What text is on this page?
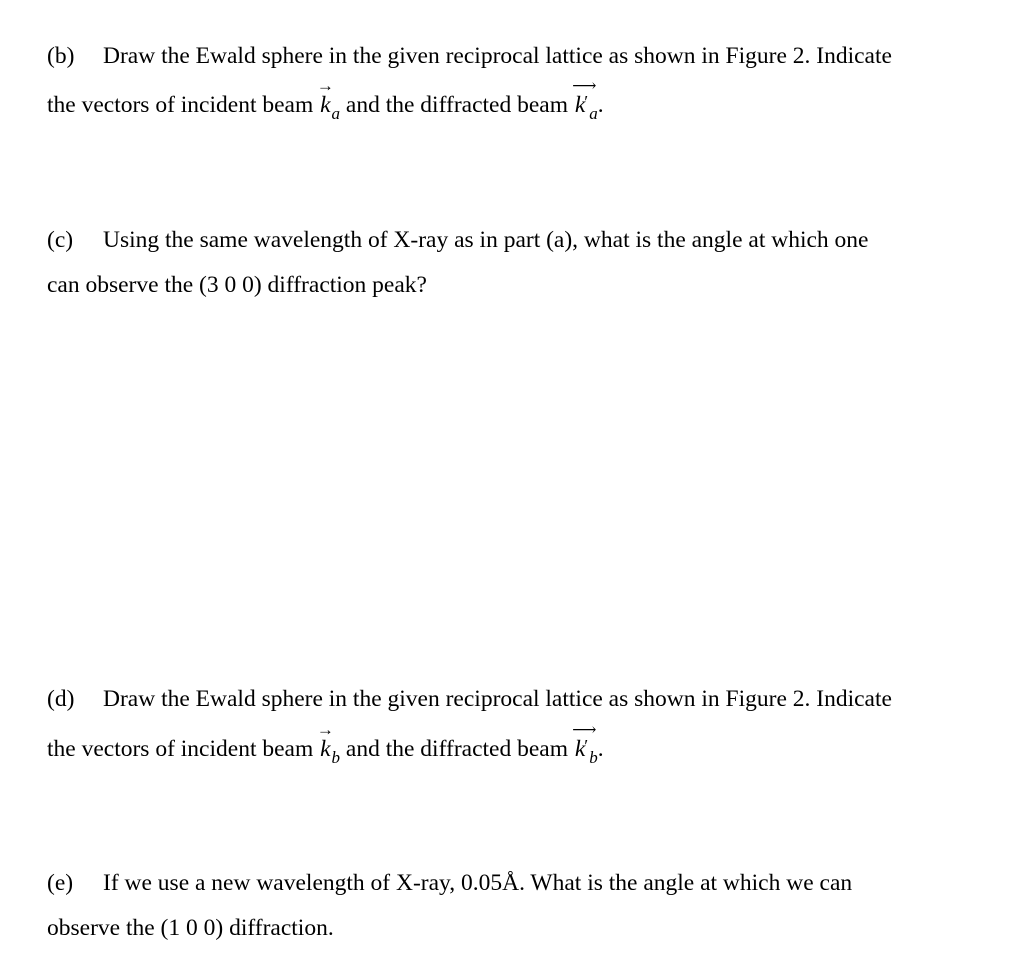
(b) Draw the Ewald sphere in the given reciprocal lattice as shown in Figure 2. Indicate
the vectors of incident beam
→
$k_a$ and the diffracted beam
⟶
$k'_a$.
(c) Using the same wavelength of X-ray as in part (a), what is the angle at which one
can observe the (3 0 0) diffraction peak?
(d) Draw the Ewald sphere in the given reciprocal lattice as shown in Figure 2. Indicate
the vectors of incident beam
→
$k_b$ and the diffracted beam
⟶
$k'_b$.
(e) If we use a new wavelength of X-ray, 0.05Å. What is the angle at which we can
observe the (1 0 0) diffraction.
